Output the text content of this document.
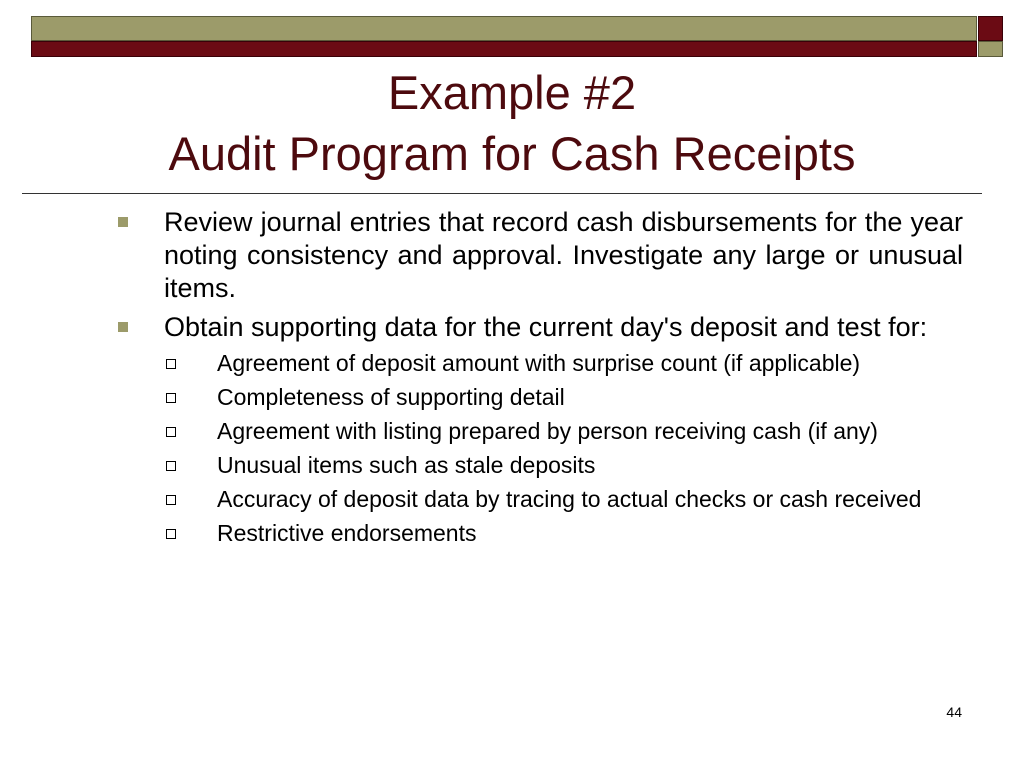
Example #2
Audit Program for Cash Receipts
Review journal entries that record cash disbursements for the year noting consistency and approval. Investigate any large or unusual items.
Obtain supporting data for the current day's deposit and test for:
Agreement of deposit amount with surprise count (if applicable)
Completeness of supporting detail
Agreement with listing prepared by person receiving cash (if any)
Unusual items such as stale deposits
Accuracy of deposit data by tracing to actual checks or cash received
Restrictive endorsements
44
